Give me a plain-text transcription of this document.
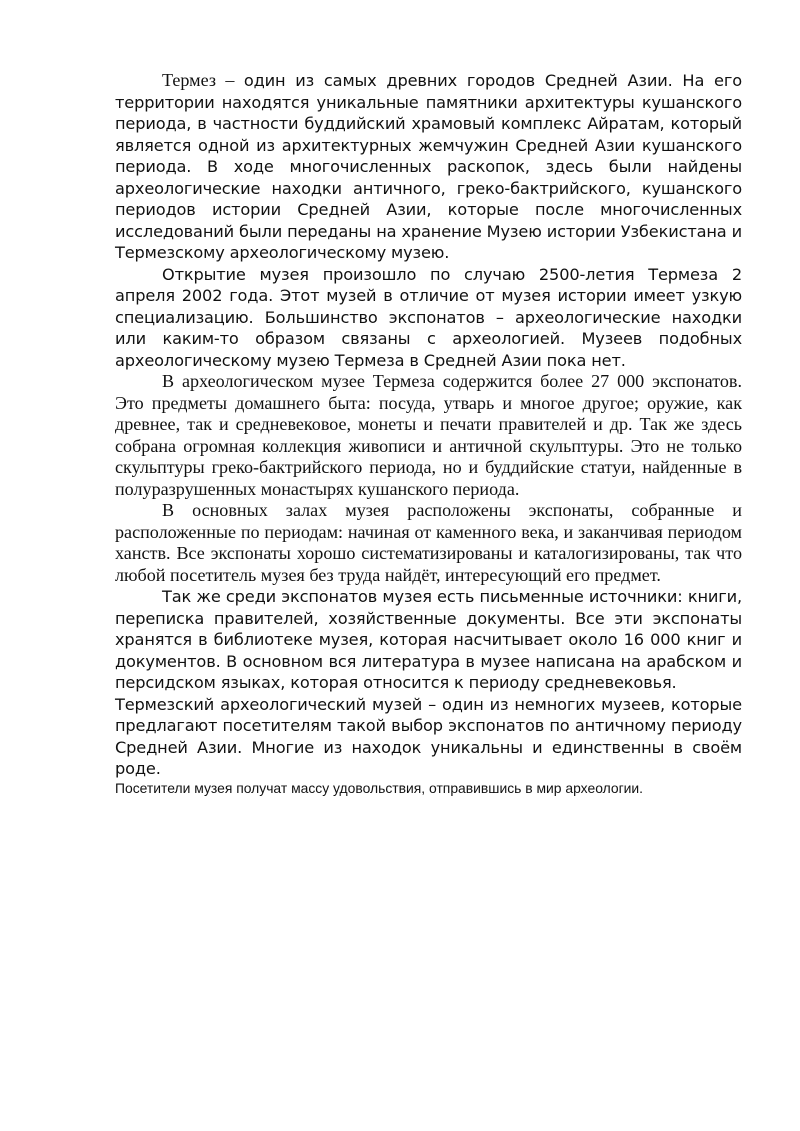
Термез – один из самых древних городов Средней Азии. На его территории находятся уникальные памятники архитектуры кушанского периода, в частности буддийский храмовый комплекс Айратам, который является одной из архитектурных жемчужин Средней Азии кушанского периода. В ходе многочисленных раскопок, здесь были найдены археологические находки античного, греко-бактрийского, кушанского периодов истории Средней Азии, которые после многочисленных исследований были переданы на хранение Музею истории Узбекистана и Термезскому археологическому музею.

Открытие музея произошло по случаю 2500-летия Термеза 2 апреля 2002 года. Этот музей в отличие от музея истории имеет узкую специализацию. Большинство экспонатов – археологические находки или каким-то образом связаны с археологией. Музеев подобных археологическому музею Термеза в Средней Азии пока нет.

В археологическом музее Термеза содержится более 27 000 экспонатов. Это предметы домашнего быта: посуда, утварь и многое другое; оружие, как древнее, так и средневековое, монеты и печати правителей и др. Так же здесь собрана огромная коллекция живописи и античной скульптуры. Это не только скульптуры греко-бактрийского периода, но и буддийские статуи, найденные в полуразрушенных монастырях кушанского периода.

В основных залах музея расположены экспонаты, собранные и расположенные по периодам: начиная от каменного века, и заканчивая периодом ханств. Все экспонаты хорошо систематизированы и каталогизированы, так что любой посетитель музея без труда найдёт, интересующий его предмет.

Так же среди экспонатов музея есть письменные источники: книги, переписка правителей, хозяйственные документы. Все эти экспонаты хранятся в библиотеке музея, которая насчитывает около 16 000 книг и документов. В основном вся литература в музее написана на арабском и персидском языках, которая относится к периоду средневековья.

Термезский археологический музей – один из немногих музеев, которые предлагают посетителям такой выбор экспонатов по античному периоду Средней Азии. Многие из находок уникальны и единственны в своём роде.

Посетители музея получат массу удовольствия, отправившись в мир археологии.
